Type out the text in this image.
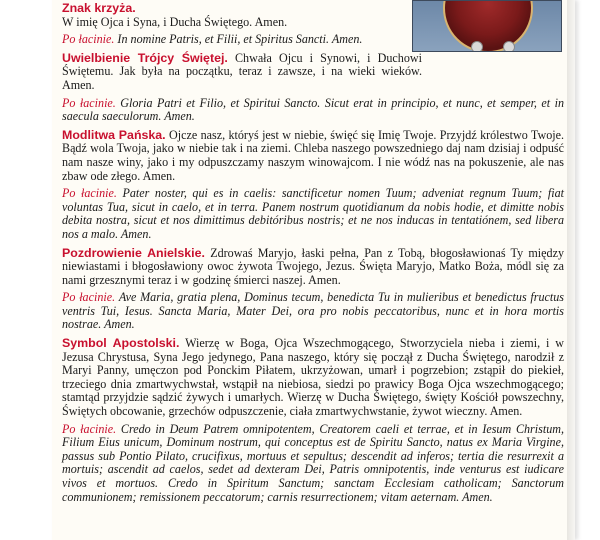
Znak krzyża.
W imię Ojca i Syna, i Ducha Świętego. Amen.

Po łacinie. In nomine Patris, et Filii, et Spiritus Sancti. Amen.

Uwielbienie Trójcy Świętej. Chwała Ojcu i Synowi, i Duchowi Świętemu. Jak była na początku, teraz i zawsze, i na wieki wieków. Amen.

Po łacinie. Gloria Patri et Filio, et Spiritui Sancto. Sicut erat in principio, et nunc, et semper, et in saecula saeculorum. Amen.

Modlitwa Pańska. Ojcze nasz, któryś jest w niebie, święć się Imię Twoje. Przyjdź królestwo Twoje. Bądź wola Twoja, jako w niebie tak i na ziemi. Chleba naszego powszedniego daj nam dzisiaj i odpuść nam nasze winy, jako i my odpuszczamy naszym winowajcom. I nie wódź nas na pokuszenie, ale nas zbaw ode złego. Amen.

Po łacinie. Pater noster, qui es in caelis: sanctificetur nomen Tuum; adveniat regnum Tuum; fiat voluntas Tua, sicut in caelo, et in terra. Panem nostrum quotidianum da nobis hodie, et dimitte nobis debita nostra, sicut et nos dimittimus debitóribus nostris; et ne nos inducas in tentatiónem, sed libera nos a malo. Amen.

Pozdrowienie Anielskie. Zdrowaś Maryjo, łaski pełna, Pan z Tobą, błogosławionaś Ty między niewiastami i błogosławiony owoc żywota Twojego, Jezus. Święta Maryjo, Matko Boża, módl się za nami grzesznymi teraz i w godzinę śmierci naszej. Amen.

Po łacinie. Ave Maria, gratia plena, Dominus tecum, benedicta Tu in mulieribus et benedictus fructus ventris Tui, Iesus. Sancta Maria, Mater Dei, ora pro nobis peccatoribus, nunc et in hora mortis nostrae. Amen.

Symbol Apostolski. Wierzę w Boga, Ojca Wszechmogącego, Stworzyciela nieba i ziemi, i w Jezusa Chrystusa, Syna Jego jedynego, Pana naszego, który się począł z Ducha Świętego, narodził z Maryi Panny, umęczon pod Ponckim Piłatem, ukrzyżowan, umarł i pogrzebion; zstąpił do piekieł, trzeciego dnia zmartwychwstał, wstąpił na niebiosa, siedzi po prawicy Boga Ojca wszechmogącego; stamtąd przyjdzie sądzić żywych i umarłych. Wierzę w Ducha Świętego, święty Kościół powszechny, Świętych obcowanie, grzechów odpuszczenie, ciała zmartwychwstanie, żywot wieczny. Amen.

Po łacinie. Credo in Deum Patrem omnipotentem, Creatorem caeli et terrae, et in Iesum Christum, Filium Eius unicum, Dominum nostrum, qui conceptus est de Spiritu Sancto, natus ex Maria Virgine, passus sub Pontio Pilato, crucifixus, mortuus et sepultus; descendit ad inferos; tertia die resurrexit a mortuis; ascendit ad caelos, sedet ad dexteram Dei, Patris omnipotentis, inde venturus est iudicare vivos et mortuos. Credo in Spiritum Sanctum; sanctam Ecclesiam catholicam; Sanctorum communionem; remissionem peccatorum; carnis resurrectionem; vitam aeternam. Amen.
